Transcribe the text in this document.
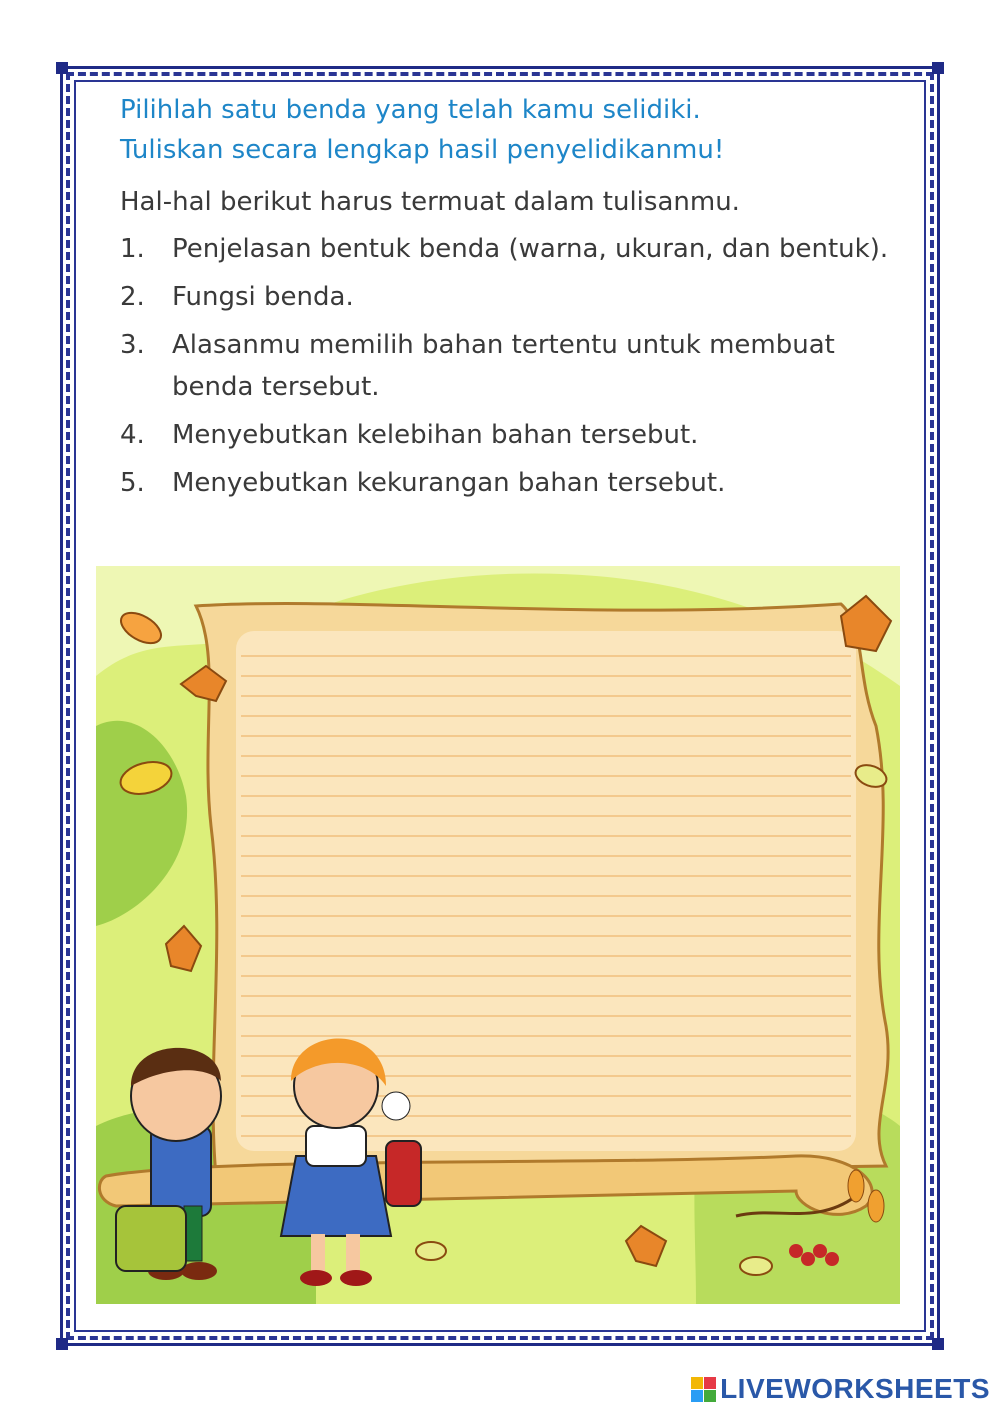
Pilihlah satu benda yang telah kamu selidiki.
Tuliskan secara lengkap hasil penyelidikanmu!

Hal-hal berikut harus termuat dalam tulisanmu.

1.	Penjelasan bentuk benda (warna, ukuran, dan bentuk).
2.	Fungsi benda.
3.	Alasanmu memilih bahan tertentu untuk membuat benda tersebut.
4.	Menyebutkan kelebihan bahan tersebut.
5.	Menyebutkan kekurangan bahan tersebut.
LIVEWORKSHEETS
